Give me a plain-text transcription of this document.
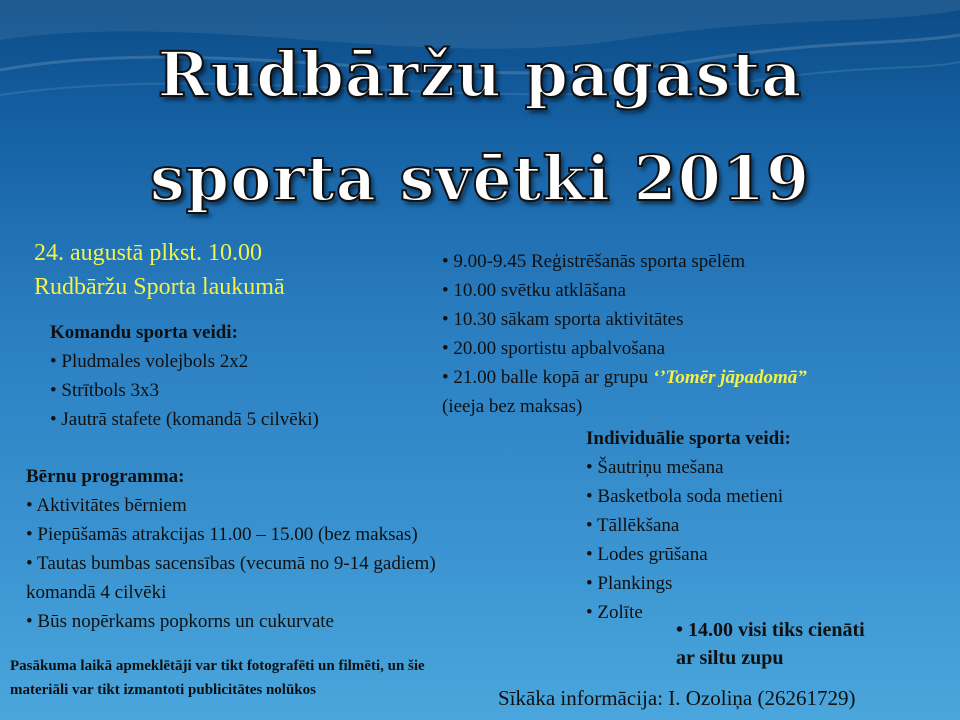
Rudbāržu pagasta
sporta svētki 2019
24. augustā plkst. 10.00
Rudbāržu Sporta laukumā
• 9.00-9.45 Reģistrēšanās sporta spēlēm
• 10.00 svētku atklāšana
• 10.30 sākam sporta aktivitātes
• 20.00 sportistu apbalvošana
• 21.00 balle kopā ar grupu ‘’Tomēr jāpadomā”
(ieeja bez maksas)
Komandu sporta veidi:
• Pludmales volejbols 2x2
• Strītbols 3x3
• Jautrā stafete (komandā 5 cilvēki)
Individuālie sporta veidi:
• Šautriņu mešana
• Basketbola soda metieni
• Tāllēkšana
• Lodes grūšana
• Plankings
• Zolīte
Bērnu programma:
• Aktivitātes bērniem
• Piepūšamās atrakcijas 11.00 – 15.00 (bez maksas)
• Tautas bumbas sacensības (vecumā no 9-14 gadiem)
komandā 4 cilvēki
• Būs nopērkams popkorns un cukurvate	• 14.00 visi tiks cienāti
ar siltu zupu
Pasākuma laikā apmeklētāji var tikt fotografēti un filmēti, un šie
materiāli var tikt izmantoti publicitātes nolūkos	Sīkāka informācija: I. Ozoliņa (26261729)
